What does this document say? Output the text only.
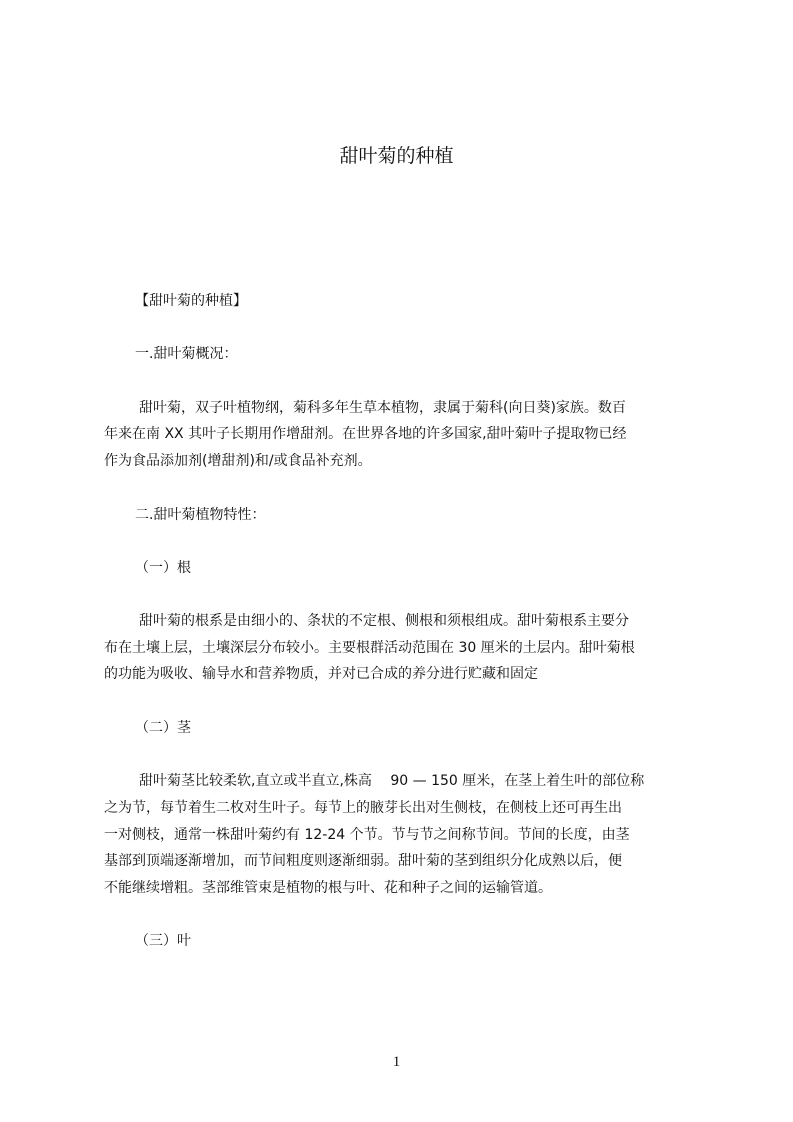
甜叶菊的种植
【甜叶菊的种植】
一.甜叶菊概况：
甜叶菊，双子叶植物纲，菊科多年生草本植物，隶属于菊科(向日葵)家族。数百
年来在南 XX 其叶子长期用作增甜剂。在世界各地的许多国家,甜叶菊叶子提取物已经
作为食品添加剂(增甜剂)和/或食品补充剂。
二.甜叶菊植物特性：
（一）根
甜叶菊的根系是由细小的、条状的不定根、侧根和须根组成。甜叶菊根系主要分
布在土壤上层，土壤深层分布较小。主要根群活动范围在 30 厘米的土层内。甜叶菊根
的功能为吸收、输导水和营养物质，并对已合成的养分进行贮藏和固定
（二）茎
甜叶菊茎比较柔软,直立或半直立,株高　 90 — 150 厘米，在茎上着生叶的部位称
之为节，每节着生二枚对生叶子。每节上的腋芽长出对生侧枝，在侧枝上还可再生出
一对侧枝，通常一株甜叶菊约有 12-24 个节。节与节之间称节间。节间的长度，由茎
基部到顶端逐渐增加，而节间粗度则逐渐细弱。甜叶菊的茎到组织分化成熟以后，便
不能继续增粗。茎部维管束是植物的根与叶、花和种子之间的运输管道。
（三）叶
1
